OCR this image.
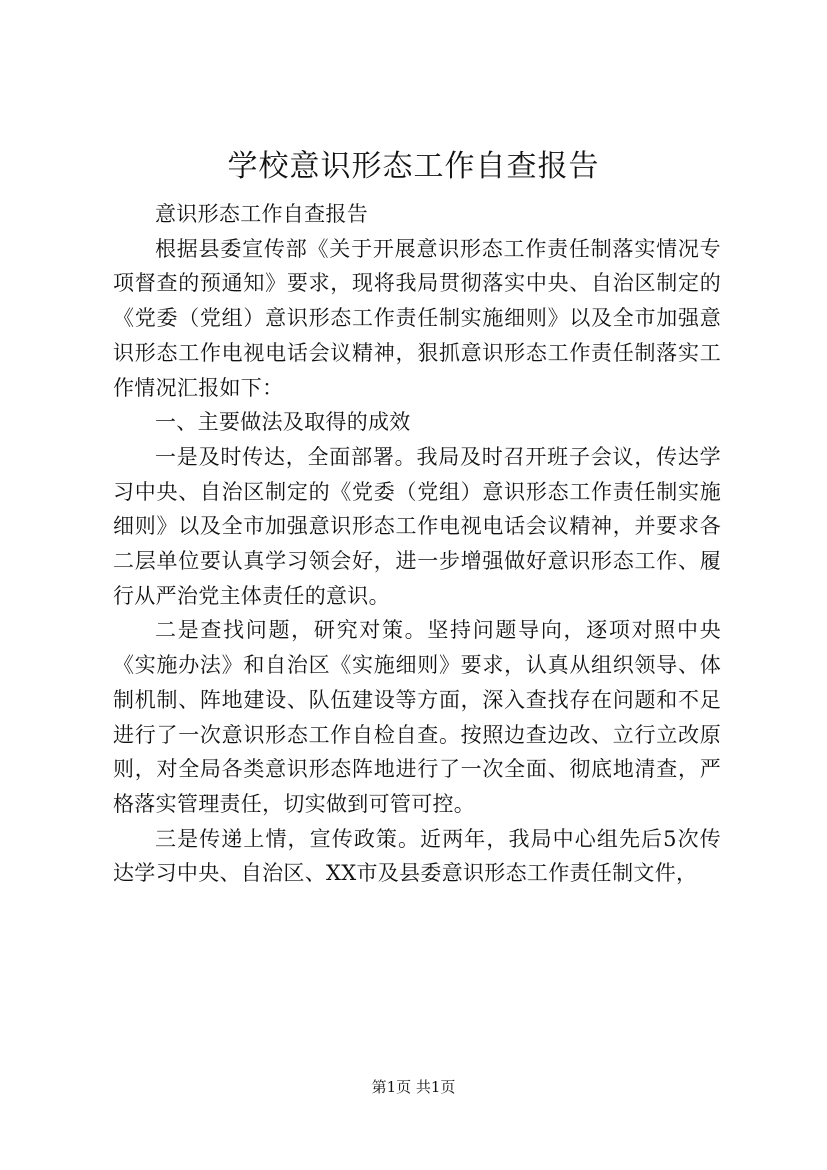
学校意识形态工作自查报告

意识形态工作自查报告

根据县委宣传部《关于开展意识形态工作责任制落实情况专项督查的预通知》要求，现将我局贯彻落实中央、自治区制定的《党委（党组）意识形态工作责任制实施细则》以及全市加强意识形态工作电视电话会议精神，狠抓意识形态工作责任制落实工作情况汇报如下：

一、主要做法及取得的成效

一是及时传达，全面部署。我局及时召开班子会议，传达学习中央、自治区制定的《党委（党组）意识形态工作责任制实施细则》以及全市加强意识形态工作电视电话会议精神，并要求各二层单位要认真学习领会好，进一步增强做好意识形态工作、履行从严治党主体责任的意识。

二是查找问题，研究对策。坚持问题导向，逐项对照中央《实施办法》和自治区《实施细则》要求，认真从组织领导、体制机制、阵地建设、队伍建设等方面，深入查找存在问题和不足进行了一次意识形态工作自检自查。按照边查边改、立行立改原则，对全局各类意识形态阵地进行了一次全面、彻底地清查，严格落实管理责任，切实做到可管可控。

三是传递上情，宣传政策。近两年，我局中心组先后5次传达学习中央、自治区、XX市及县委意识形态工作责任制文件，

第1页 共1页
